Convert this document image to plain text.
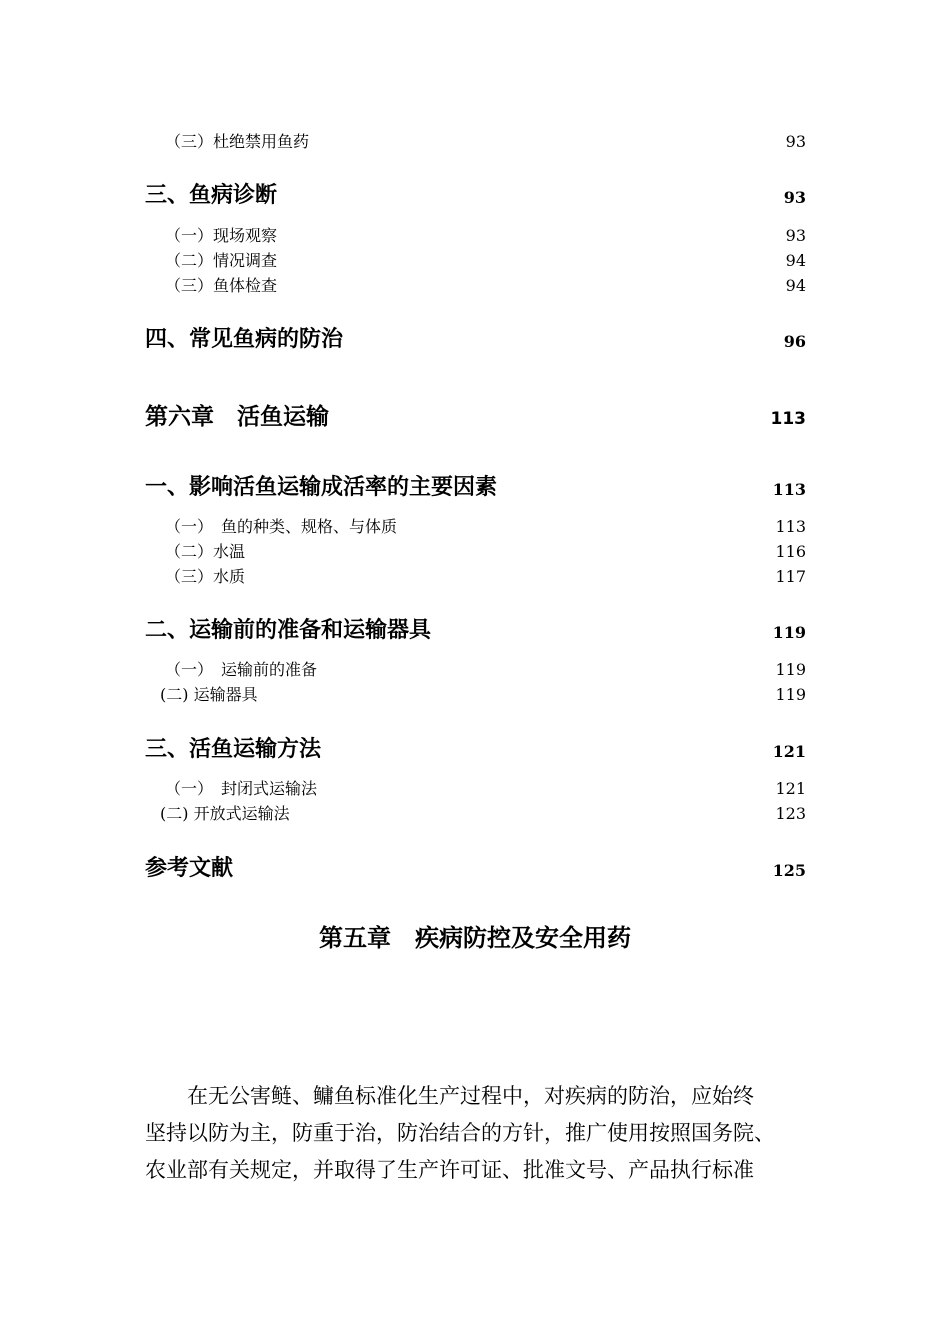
（三）杜绝禁用鱼药	93
三、鱼病诊断	93
（一）现场观察	93
（二）情况调查	94
（三）鱼体检查	94
四、常见鱼病的防治	96
第六章　活鱼运输	113
一、影响活鱼运输成活率的主要因素	113
（一）　鱼的种类、规格、与体质	113
（二）水温	116
（三）水质	117
二、运输前的准备和运输器具	119
（一）　运输前的准备	119
(二) 运输器具	119
三、活鱼运输方法	121
（一）　封闭式运输法	121
(二) 开放式运输法	123
参考文献	125
第五章　疾病防控及安全用药

　　在无公害鲢、鳙鱼标准化生产过程中，对疾病的防治，应始终

坚持以防为主，防重于治，防治结合的方针，推广使用按照国务院、

农业部有关规定，并取得了生产许可证、批准文号、产品执行标准
